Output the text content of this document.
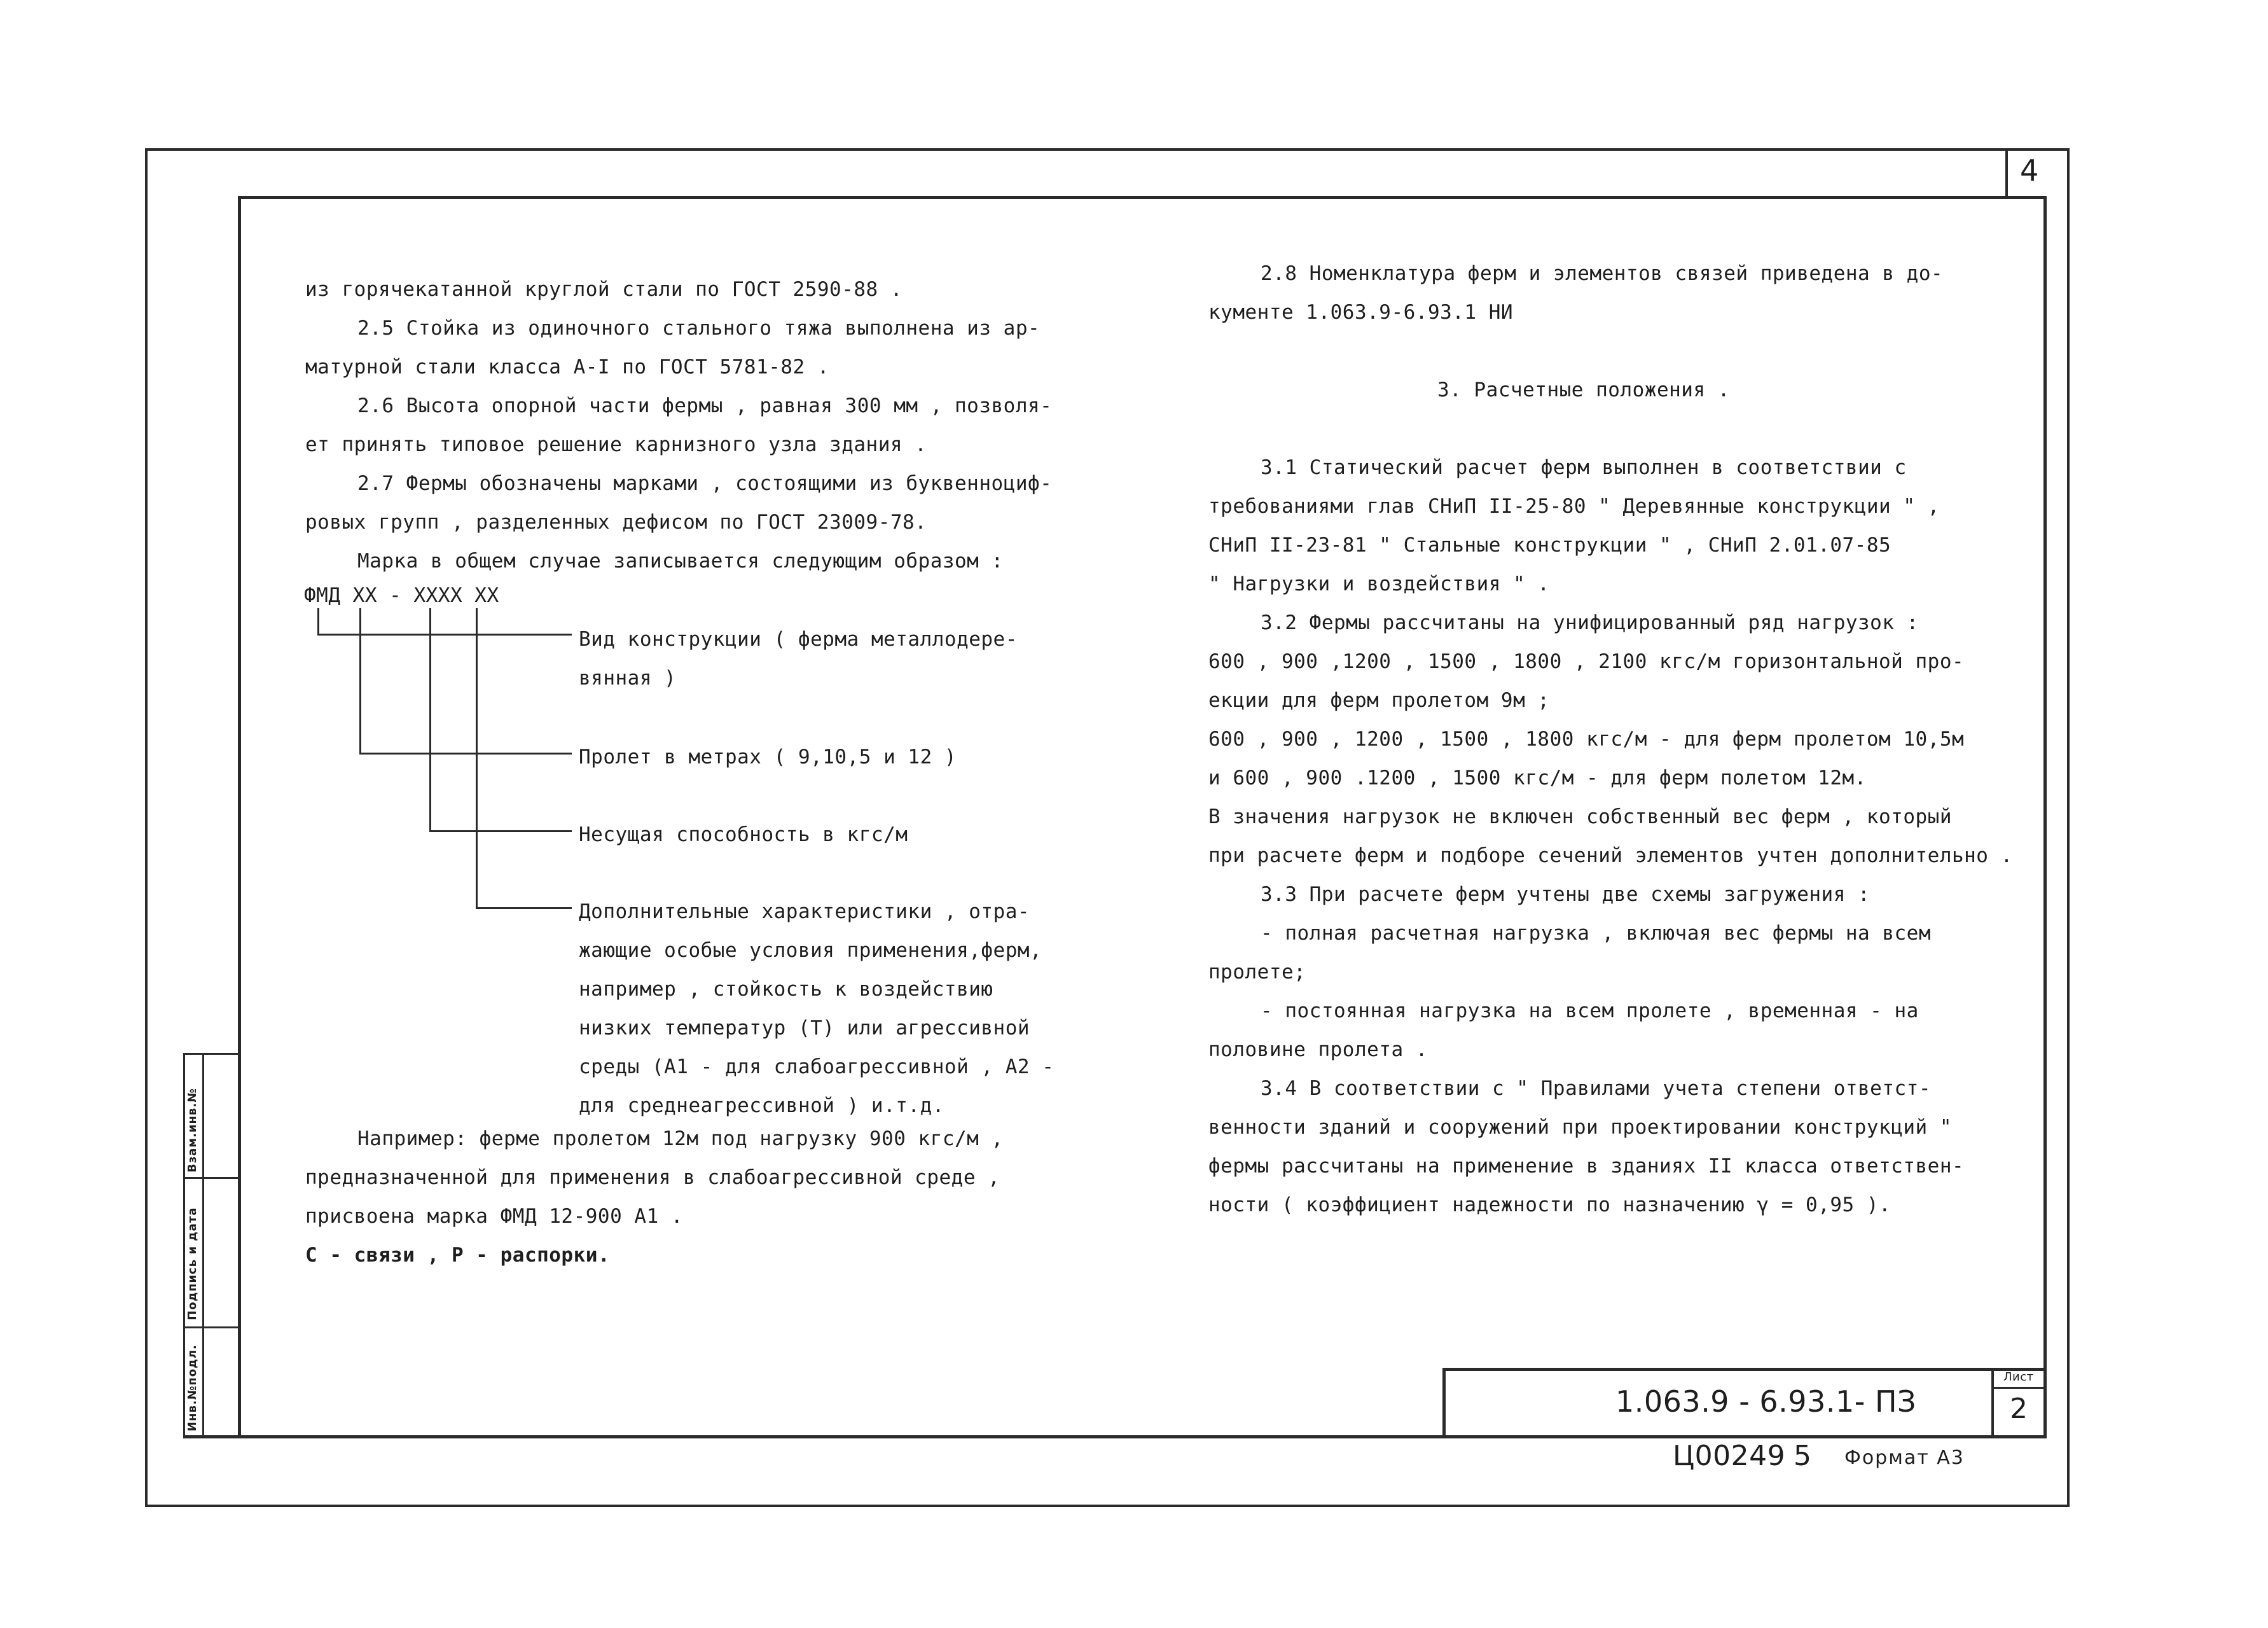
4
Инв.№подл.
Подпись и дата
Взам.инв.№

из горячекатанной круглой стали по ГОСТ 2590-88 .

2.5 Стойка из одиночного стального тяжа выполнена из ар-

матурной стали класса А-I по ГОСТ 5781-82 .

2.6 Высота опорной части фермы , равная 300 мм , позволя-

ет принять типовое решение карнизного узла здания .

2.7 Фермы обозначены марками , состоящими из буквенноциф-

ровых групп , разделенных дефисом по ГОСТ 23009-78.

Марка в общем случае записывается следующим образом :

ФМД ХХ - ХХХХ ХХ

Вид конструкции ( ферма металлодере-

вянная )

Пролет в метрах ( 9,10,5 и 12 )

Несущая способность в кгс/м

Дополнительные характеристики , отра-

жающие особые условия применения,ферм,

например , стойкость к воздействию

низких температур (Т) или агрессивной

среды (А1 - для слабоагрессивной , А2 -

для среднеагрессивной ) и.т.д.

Например: ферме пролетом 12м под нагрузку 900 кгс/м ,

предназначенной для применения в слабоагрессивной среде ,

присвоена марка ФМД 12-900 А1 .

С - связи , Р - распорки.

2.8 Номенклатура ферм и элементов связей приведена в до-

кументе 1.063.9-6.93.1 НИ

3. Расчетные положения .

3.1 Статический расчет ферм выполнен в соответствии с

требованиями глав СНиП II-25-80 " Деревянные конструкции " ,

СНиП II-23-81 " Стальные конструкции " , СНиП 2.01.07-85

" Нагрузки и воздействия " .

3.2 Фермы рассчитаны на унифицированный ряд нагрузок :

600 , 900 ,1200 , 1500 , 1800 , 2100 кгс/м горизонтальной про-

екции для ферм пролетом 9м ;

600 , 900 , 1200 , 1500 , 1800 кгс/м - для ферм пролетом 10,5м

и 600 , 900 .1200 , 1500 кгс/м - для ферм полетом 12м.

В значения нагрузок не включен собственный вес ферм , который

при расчете ферм и подборе сечений элементов учтен дополнительно .

3.3 При расчете ферм учтены две схемы загружения :

- полная расчетная нагрузка , включая вес фермы на всем

пролете;

- постоянная нагрузка на всем пролете , временная - на

половине пролета .

3.4 В соответствии с " Правилами учета степени ответст-

венности зданий и сооружений при проектировании конструкций "

фермы рассчитаны на применение в зданиях II класса ответствен-

ности ( коэффициент надежности по назначению γ = 0,95 ).

1.063.9 - 6.93.1- ПЗ
Лист
2
Ц00249 5 Формат А3
